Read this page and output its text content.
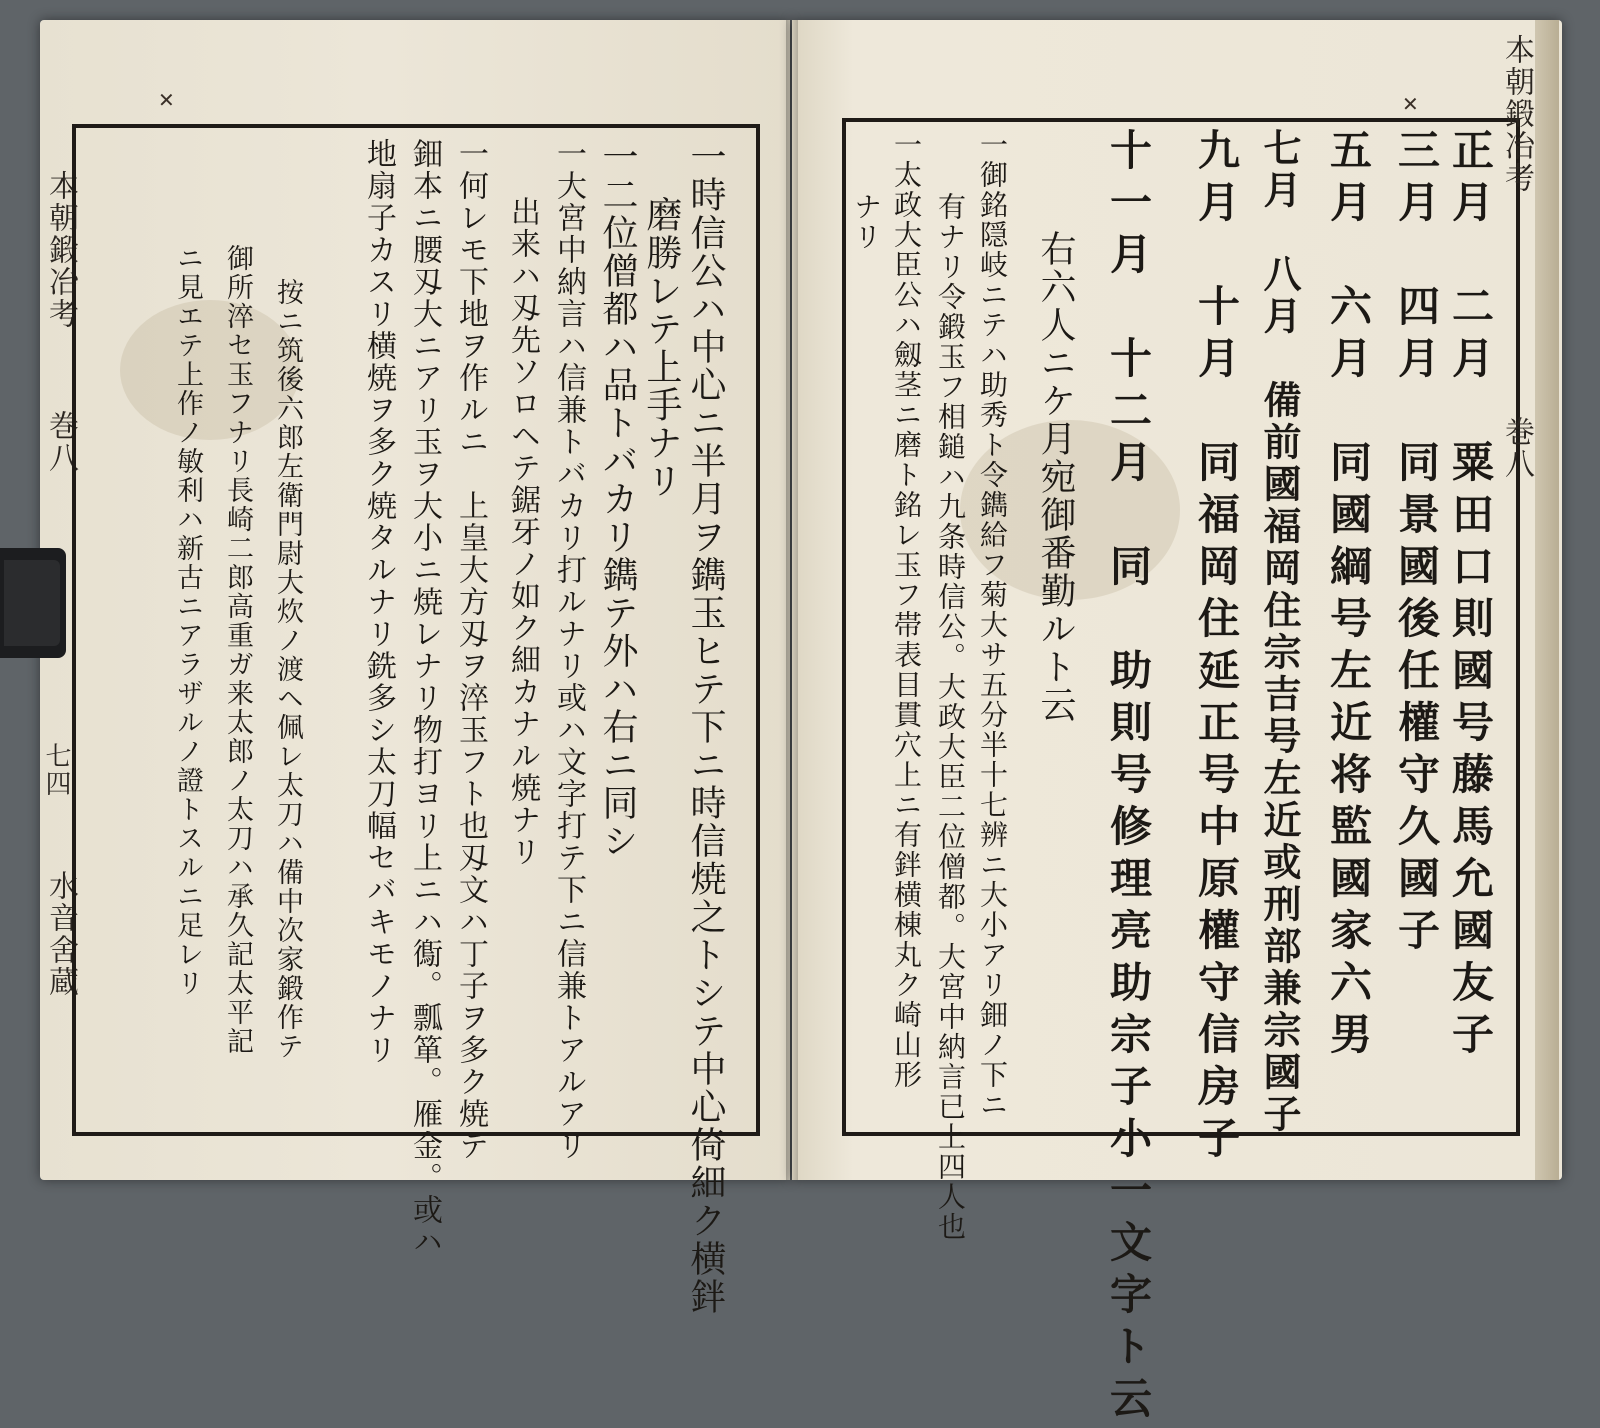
✕	✕
本朝鍛冶考
巻八
七四
水音舍蔵	一時信公ハ中心ニ半月ヲ鐫玉ヒテ下ニ時信焼之トシテ中心倚細ク横鉡
磨勝レテ上手ナリ
一二位僧都ハ品トバカリ鐫テ外ハ右ニ同シ
一大宮中納言ハ信兼トバカリ打ルナリ或ハ文字打テ下ニ信兼トアルアリ
出来ハ刄先ソロヘテ鋸牙ノ如ク細カナル焼ナリ
一何レモ下地ヲ作ルニ　上皇大方刄ヲ淬玉フト也刄文ハ丁子ヲ多ク焼テ
鈿本ニ腰刄大ニアリ玉ヲ大小ニ焼レナリ物打ヨリ上ニハ鵆。瓢箪。雁金。或ハ
地扇子カスリ横焼ヲ多ク焼タルナリ銑多シ太刀幅セバキモノナリ
按ニ筑後六郎左衛門尉大炊ノ渡ヘ佩レ太刀ハ備中次家鍛作テ
御所淬セ玉フナリ長崎二郎高重ガ来太郎ノ太刀ハ承久記太平記
ニ見エテ上作ノ敏利ハ新古ニアラザルノ證トスルニ足レリ
本朝鍛冶考
巻八
正月　二月　粟田口則國号藤馬允國友子
三月　四月　同景國後任權守久國子
五月　六月　同國綱号左近将監國家六男
七月　八月　備前國福岡住宗吉号左近或刑部兼宗國子
九月　十月　同福岡住延正号中原權守信房子
十一月　十二月　同　助則号修理亮助宗子小一文字ト云
右六人ニケ月宛御番勤ルト云
一御銘隠岐ニテハ助秀ト令鐫給フ菊大サ五分半十七辨ニ大小アリ鈿ノ下ニ
有ナリ令鍛玉フ相鎚ハ九条時信公。大政大臣二位僧都。大宮中納言已上四人也
一太政大臣公ハ劔茎ニ磨ト銘レ玉フ帯表目貫穴上ニ有鉡横棟丸ク崎山形
ナリ
